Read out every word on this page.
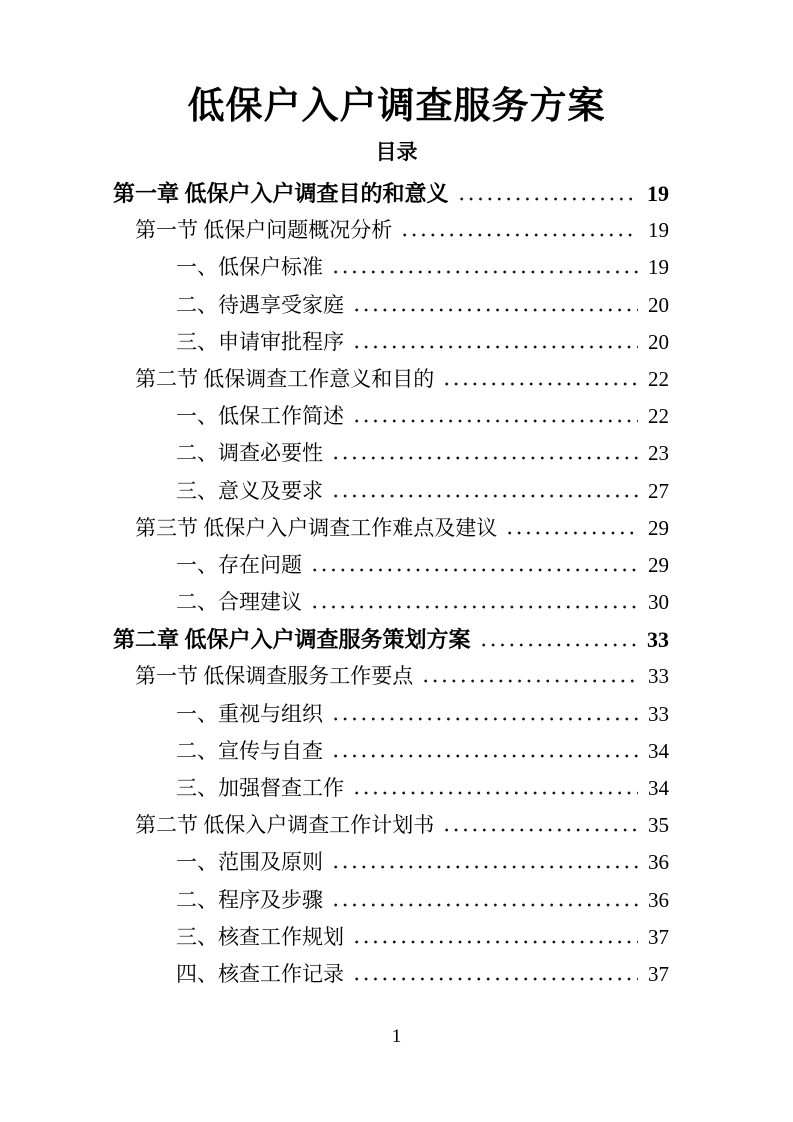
低保户入户调查服务方案
目录
第一章 低保户入户调查目的和意义	19
第一节 低保户问题概况分析	19
一、低保户标准	19
二、待遇享受家庭	20
三、申请审批程序	20
第二节 低保调查工作意义和目的	22
一、低保工作简述	22
二、调查必要性	23
三、意义及要求	27
第三节 低保户入户调查工作难点及建议	29
一、存在问题	29
二、合理建议	30
第二章 低保户入户调查服务策划方案	33
第一节 低保调查服务工作要点	33
一、重视与组织	33
二、宣传与自查	34
三、加强督查工作	34
第二节 低保入户调查工作计划书	35
一、范围及原则	36
二、程序及步骤	36
三、核查工作规划	37
四、核查工作记录	37
1
